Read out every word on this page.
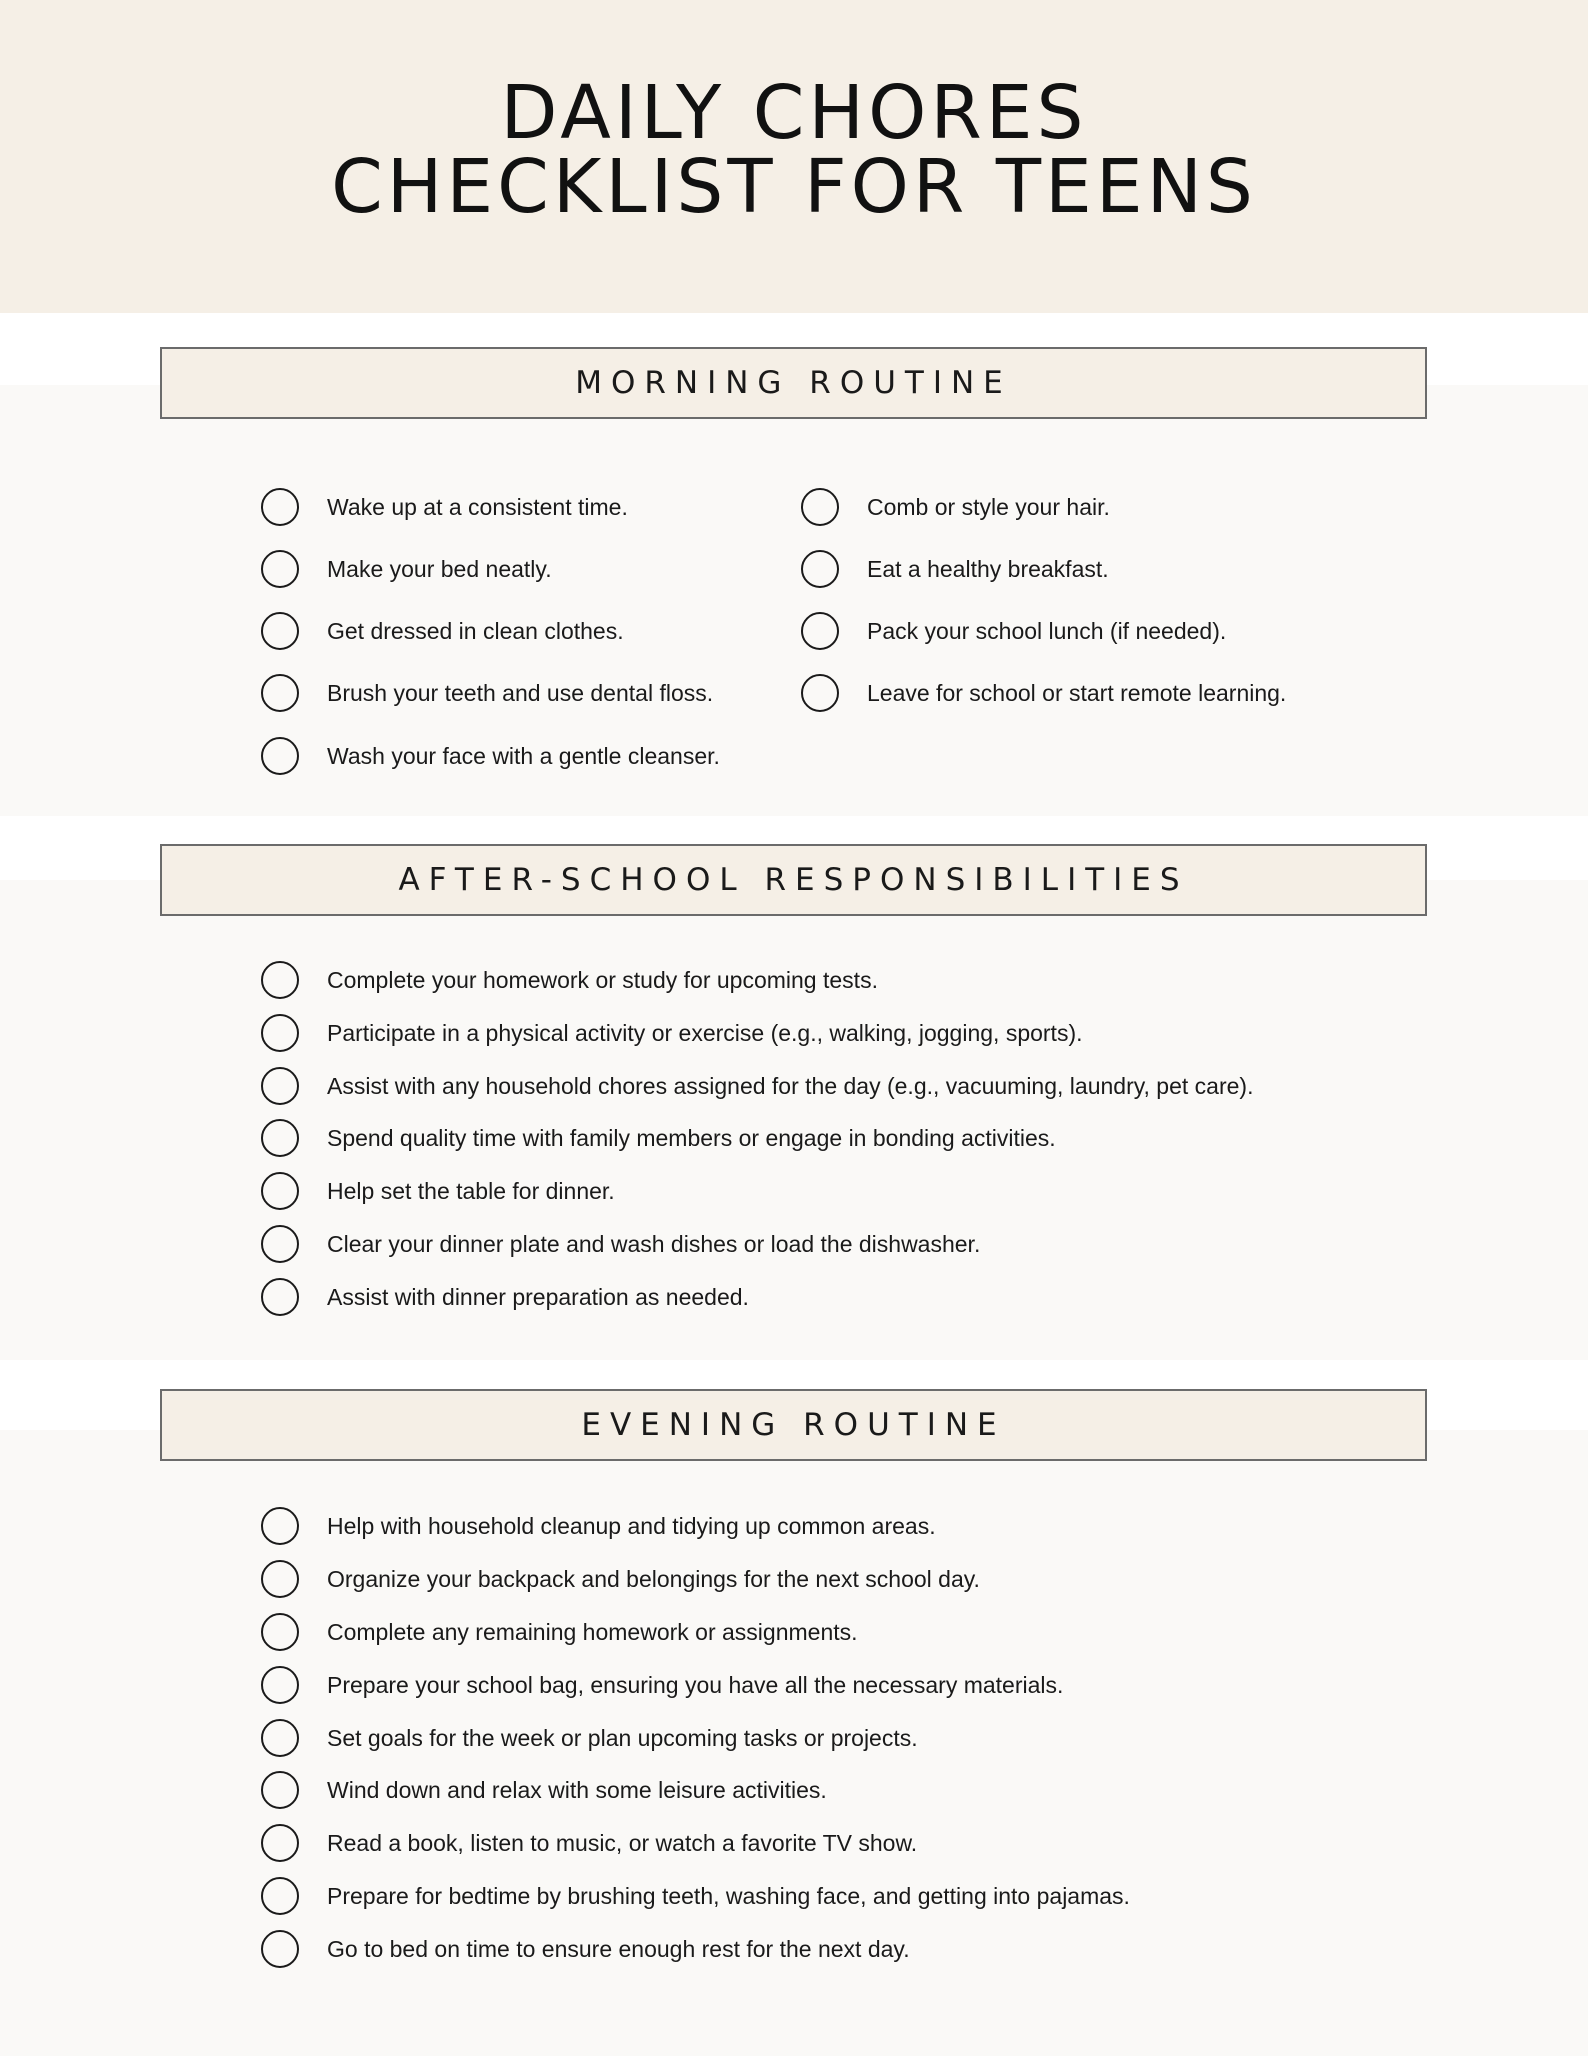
DAILY CHORES
CHECKLIST FOR TEENS
MORNING ROUTINE
Wake up at a consistent time.
Make your bed neatly.
Get dressed in clean clothes.
Brush your teeth and use dental floss.
Wash your face with a gentle cleanser.
Comb or style your hair.
Eat a healthy breakfast.
Pack your school lunch (if needed).
Leave for school or start remote learning.
AFTER-SCHOOL RESPONSIBILITIES
Complete your homework or study for upcoming tests.
Participate in a physical activity or exercise (e.g., walking, jogging, sports).
Assist with any household chores assigned for the day (e.g., vacuuming, laundry, pet care).
Spend quality time with family members or engage in bonding activities.
Help set the table for dinner.
Clear your dinner plate and wash dishes or load the dishwasher.
Assist with dinner preparation as needed.
EVENING ROUTINE
Help with household cleanup and tidying up common areas.
Organize your backpack and belongings for the next school day.
Complete any remaining homework or assignments.
Prepare your school bag, ensuring you have all the necessary materials.
Set goals for the week or plan upcoming tasks or projects.
Wind down and relax with some leisure activities.
Read a book, listen to music, or watch a favorite TV show.
Prepare for bedtime by brushing teeth, washing face, and getting into pajamas.
Go to bed on time to ensure enough rest for the next day.
